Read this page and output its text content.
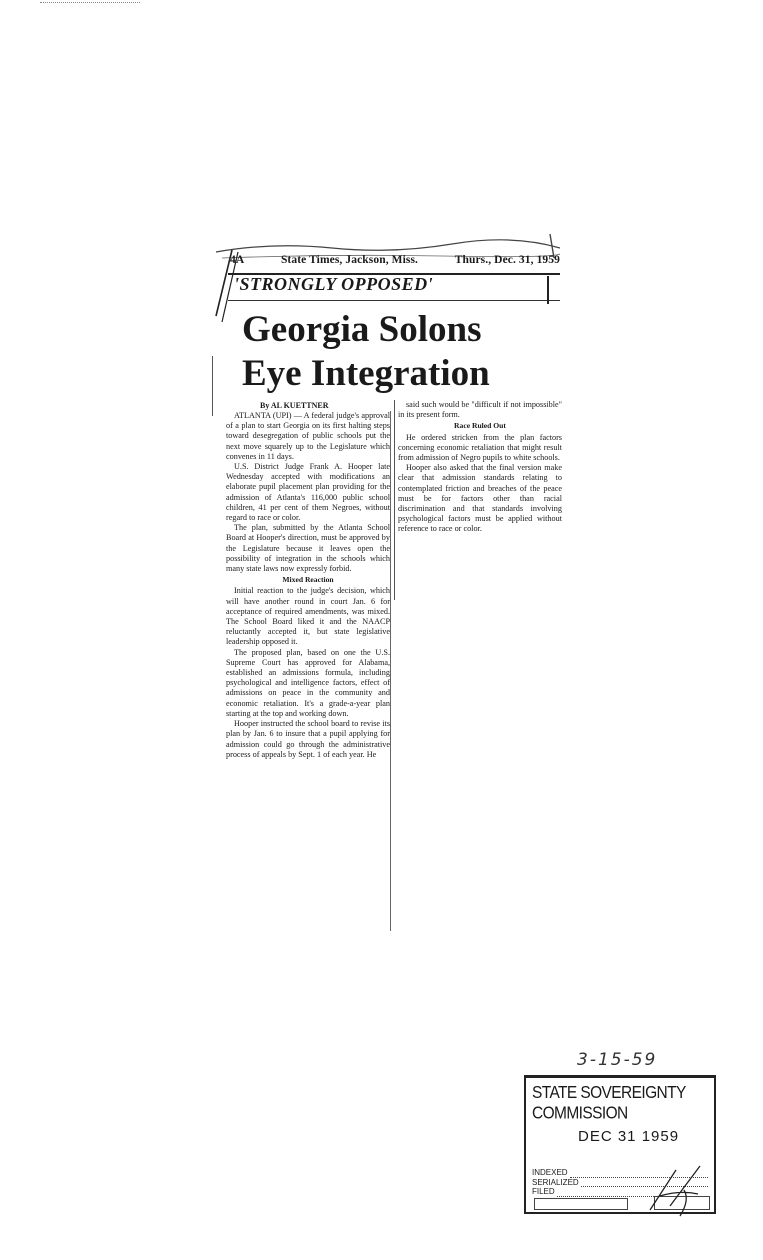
4A	State Times, Jackson, Miss.	Thurs., Dec. 31, 1959
'STRONGLY OPPOSED'
Georgia Solons
Eye Integration
By AL KUETTNER

ATLANTA (UPI) — A federal judge's approval of a plan to start Georgia on its first halting steps toward desegregation of public schools put the next move squarely up to the Legislature which convenes in 11 days.

U.S. District Judge Frank A. Hooper late Wednesday accepted with modifications an elaborate pupil placement plan providing for the admission of Atlanta's 116,000 public school children, 41 per cent of them Negroes, without regard to race or color.

The plan, submitted by the Atlanta School Board at Hooper's direction, must be approved by the Legislature because it leaves open the possibility of integration in the schools which many state laws now expressly forbid.

Mixed Reaction

Initial reaction to the judge's decision, which will have another round in court Jan. 6 for acceptance of required amendments, was mixed. The School Board liked it and the NAACP reluctantly accepted it, but state legislative leadership opposed it.

The proposed plan, based on one the U.S. Supreme Court has approved for Alabama, established an admissions formula, including psychological and intelligence factors, effect of admissions on peace in the community and economic retaliation. It's a grade-a-year plan starting at the top and working down.

Hooper instructed the school board to revise its plan by Jan. 6 to insure that a pupil applying for admission could go through the administrative process of appeals by Sept. 1 of each year. He

said such would be "difficult if not impossible" in its present form.

Race Ruled Out

He ordered stricken from the plan factors concerning economic retaliation that might result from admission of Negro pupils to white schools.

Hooper also asked that the final version make clear that admission standards relating to contemplated friction and breaches of the peace must be for factors other than racial discrimination and that standards involving psychological factors must be applied without reference to race or color.

3-15-59
STATE SOVEREIGNTY COMMISSION
DEC 31 1959
INDEXED
SERIALIZED
FILED
